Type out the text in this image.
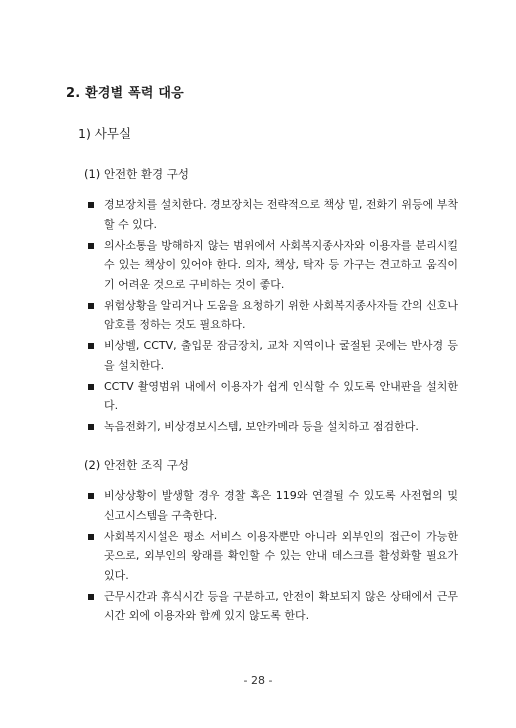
2. 환경별 폭력 대응
1) 사무실
(1) 안전한 환경 구성
경보장치를 설치한다. 경보장치는 전략적으로 책상 밑, 전화기 위등에 부착할 수 있다.
의사소통을 방해하지 않는 범위에서 사회복지종사자와 이용자를 분리시킬 수 있는 책상이 있어야 한다. 의자, 책상, 탁자 등 가구는 견고하고 움직이기 어려운 것으로 구비하는 것이 좋다.
위험상황을 알리거나 도움을 요청하기 위한 사회복지종사자들 간의 신호나 암호를 정하는 것도 필요하다.
비상벨, CCTV, 출입문 잠금장치, 교차 지역이나 굴절된 곳에는 반사경 등을 설치한다.
CCTV 촬영범위 내에서 이용자가 쉽게 인식할 수 있도록 안내판을 설치한다.
녹음전화기, 비상경보시스템, 보안카메라 등을 설치하고 점검한다.
(2) 안전한 조직 구성
비상상황이 발생할 경우 경찰 혹은 119와 연결될 수 있도록 사전협의 및 신고시스템을 구축한다.
사회복지시설은 평소 서비스 이용자뿐만 아니라 외부인의 접근이 가능한 곳으로, 외부인의 왕래를 확인할 수 있는 안내 데스크를 활성화할 필요가 있다.
근무시간과 휴식시간 등을 구분하고, 안전이 확보되지 않은 상태에서 근무시간 외에 이용자와 함께 있지 않도록 한다.
- 28 -
